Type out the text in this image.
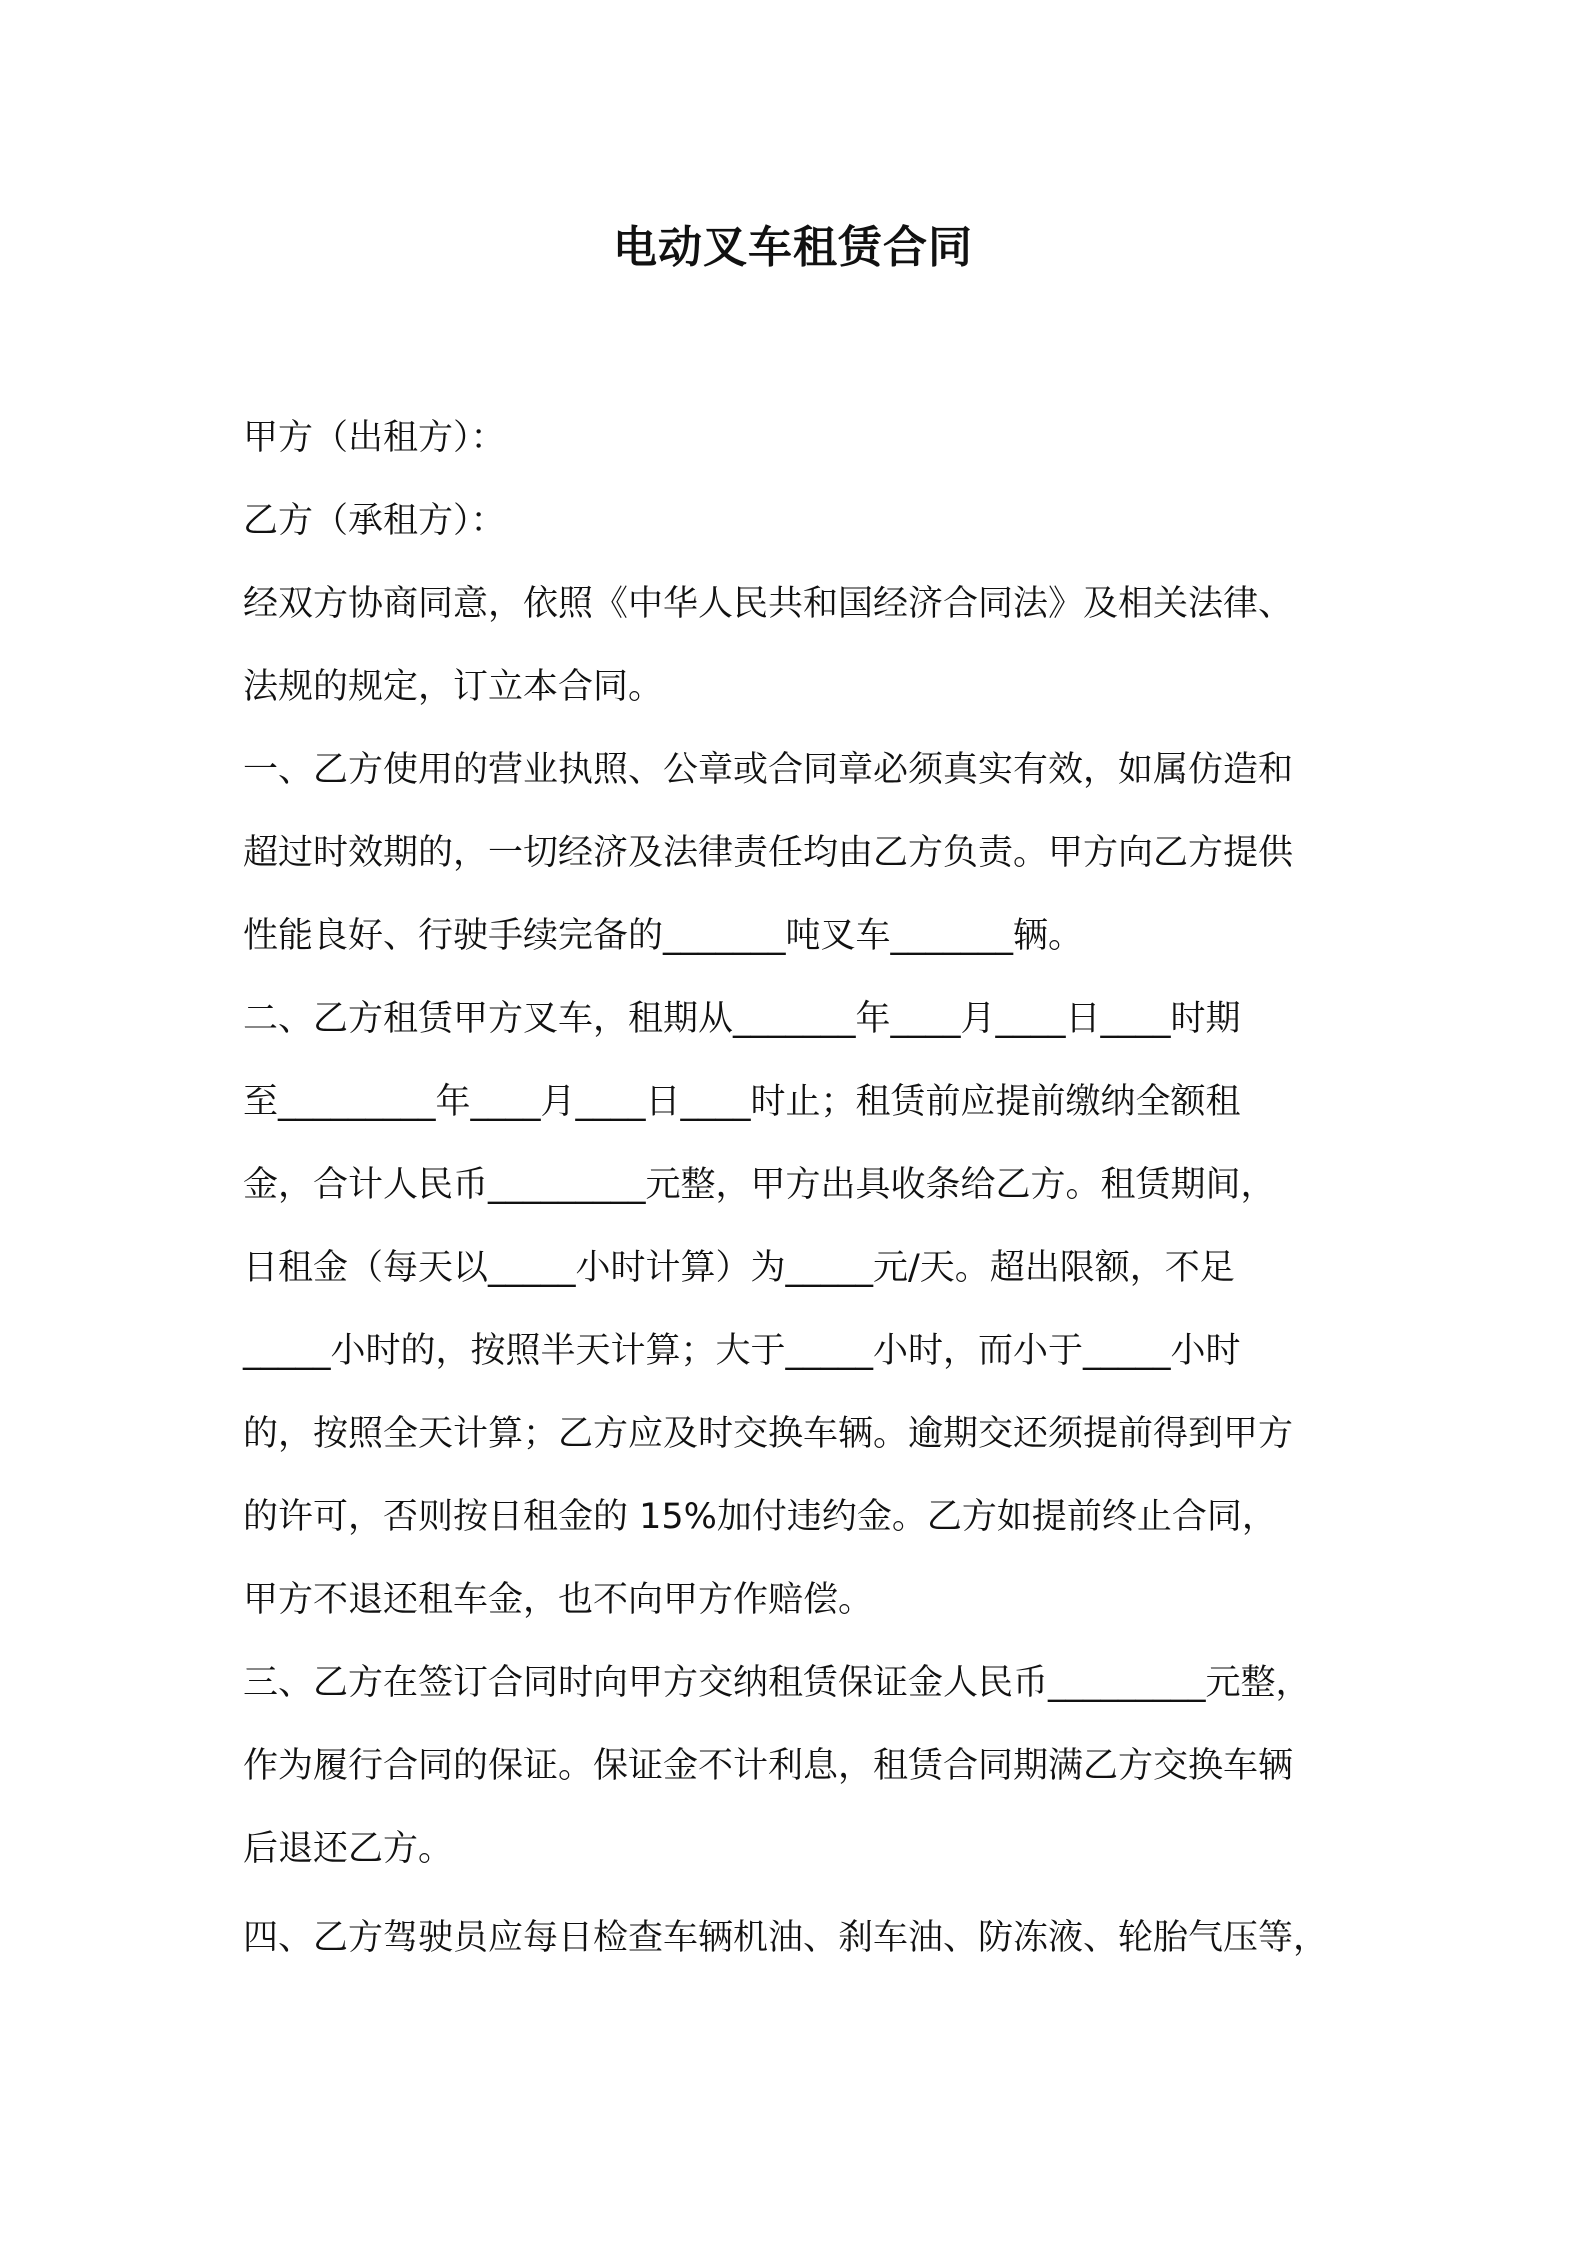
电动叉车租赁合同
甲方（出租方）：
乙方（承租方）：
经双方协商同意，依照《中华人民共和国经济合同法》及相关法律、
法规的规定，订立本合同。
一、乙方使用的营业执照、公章或合同章必须真实有效，如属仿造和
超过时效期的，一切经济及法律责任均由乙方负责。甲方向乙方提供
性能良好、行驶手续完备的_______吨叉车_______辆。
二、乙方租赁甲方叉车，租期从_______年____月____日____时期
至_________年____月____日____时止；租赁前应提前缴纳全额租
金，合计人民币_________元整，甲方出具收条给乙方。租赁期间，
日租金（每天以_____小时计算）为_____元/天。超出限额，不足
_____小时的，按照半天计算；大于_____小时，而小于_____小时
的，按照全天计算；乙方应及时交换车辆。逾期交还须提前得到甲方
的许可，否则按日租金的 15%加付违约金。乙方如提前终止合同，
甲方不退还租车金，也不向甲方作赔偿。
三、乙方在签订合同时向甲方交纳租赁保证金人民币_________元整，
作为履行合同的保证。保证金不计利息，租赁合同期满乙方交换车辆
后退还乙方。
四、乙方驾驶员应每日检查车辆机油、刹车油、防冻液、轮胎气压等，
